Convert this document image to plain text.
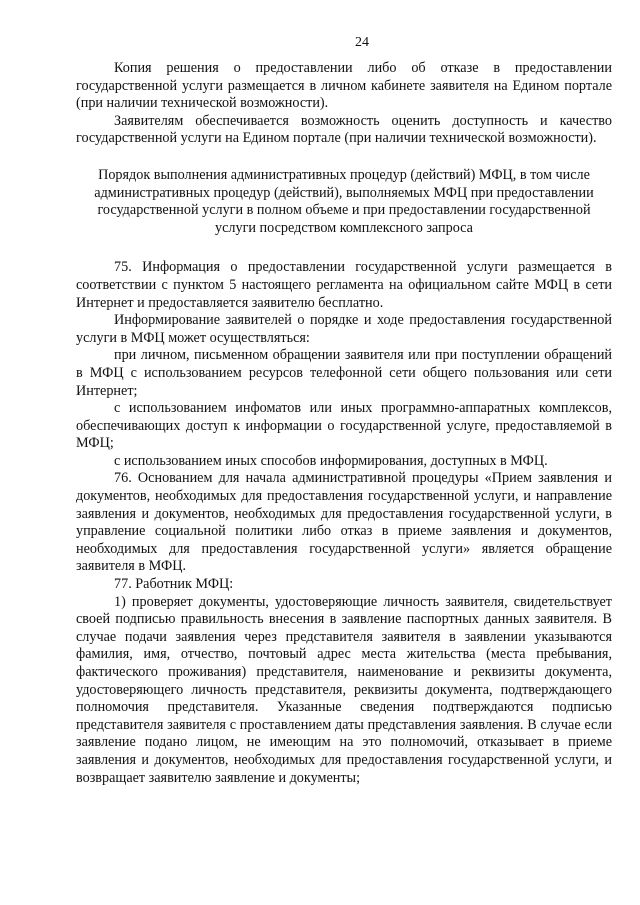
24

Копия решения о предоставлении либо об отказе в предоставлении государственной услуги размещается в личном кабинете заявителя на Едином портале (при наличии технической возможности).

Заявителям обеспечивается возможность оценить доступность и качество государственной услуги на Едином портале (при наличии технической возможности).

Порядок выполнения административных процедур (действий) МФЦ, в том числе административных процедур (действий), выполняемых МФЦ при предоставлении государственной услуги в полном объеме и при предоставлении государственной услуги посредством комплексного запроса

75. Информация о предоставлении государственной услуги размещается в соответствии с пунктом 5 настоящего регламента на официальном сайте МФЦ в сети Интернет и предоставляется заявителю бесплатно.

Информирование заявителей о порядке и ходе предоставления государственной услуги в МФЦ может осуществляться:

при личном, письменном обращении заявителя или при поступлении обращений в МФЦ с использованием ресурсов телефонной сети общего пользования или сети Интернет;

с использованием инфоматов или иных программно-аппаратных комплексов, обеспечивающих доступ к информации о государственной услуге, предоставляемой в МФЦ;

с использованием иных способов информирования, доступных в МФЦ.

76. Основанием для начала административной процедуры «Прием заявления и документов, необходимых для предоставления государственной услуги, и направление заявления и документов, необходимых для предоставления государственной услуги, в управление социальной политики либо отказ в приеме заявления и документов, необходимых для предоставления государственной услуги» является обращение заявителя в МФЦ.

77. Работник МФЦ:

1) проверяет документы, удостоверяющие личность заявителя, свидетельствует своей подписью правильность внесения в заявление паспортных данных заявителя. В случае подачи заявления через представителя заявителя в заявлении указываются фамилия, имя, отчество, почтовый адрес места жительства (места пребывания, фактического проживания) представителя, наименование и реквизиты документа, удостоверяющего личность представителя, реквизиты документа, подтверждающего полномочия представителя. Указанные сведения подтверждаются подписью представителя заявителя с проставлением даты представления заявления. В случае если заявление подано лицом, не имеющим на это полномочий, отказывает в приеме заявления и документов, необходимых для предоставления государственной услуги, и возвращает заявителю заявление и документы;
